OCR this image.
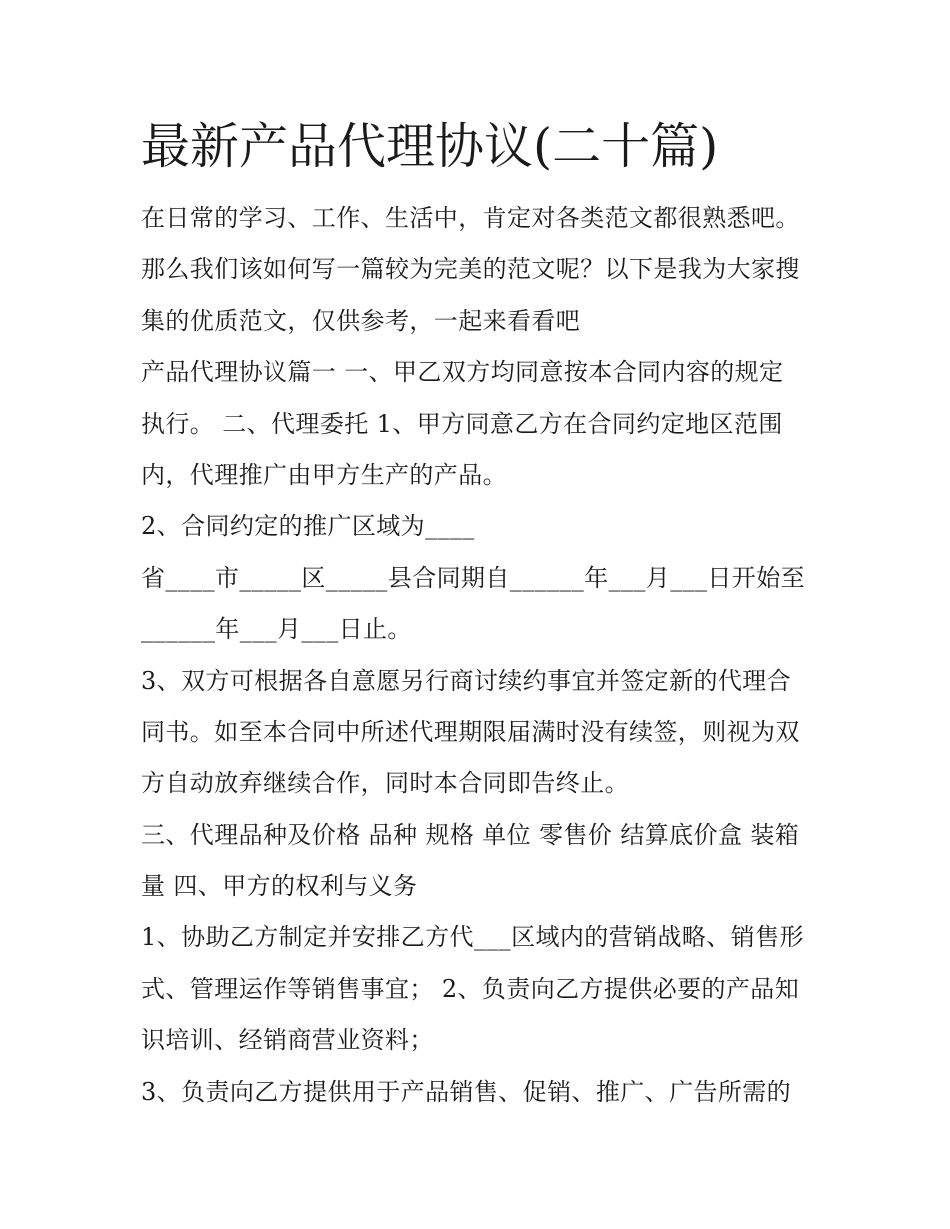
最新产品代理协议(二十篇)
在日常的学习、工作、生活中，肯定对各类范文都很熟悉吧。
那么我们该如何写一篇较为完美的范文呢？以下是我为大家搜
集的优质范文，仅供参考，一起来看看吧
产品代理协议篇一 一、甲乙双方均同意按本合同内容的规定
执行。 二、代理委托 1、甲方同意乙方在合同约定地区范围
内，代理推广由甲方生产的产品。
2、合同约定的推广区域为____
省____市_____区_____县合同期自______年___月___日开始至
______年___月___日止。
3、双方可根据各自意愿另行商讨续约事宜并签定新的代理合
同书。如至本合同中所述代理期限届满时没有续签，则视为双
方自动放弃继续合作，同时本合同即告终止。
三、代理品种及价格 品种 规格 单位 零售价 结算底价盒 装箱
量 四、甲方的权利与义务
1、协助乙方制定并安排乙方代___区域内的营销战略、销售形
式、管理运作等销售事宜； 2、负责向乙方提供必要的产品知
识培训、经销商营业资料；
3、负责向乙方提供用于产品销售、促销、推广、广告所需的
